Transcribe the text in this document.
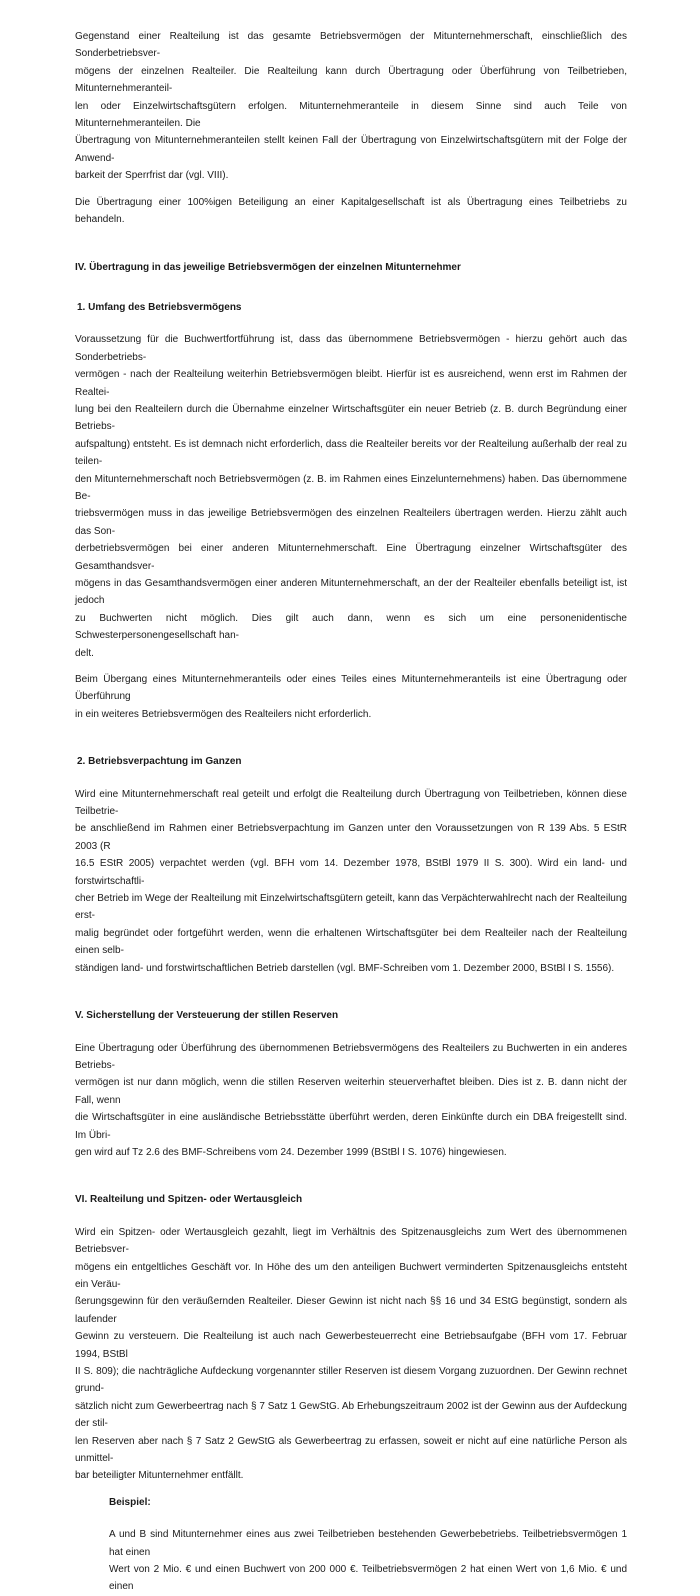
Gegenstand einer Realteilung ist das gesamte Betriebsvermögen der Mitunternehmerschaft, einschließlich des Sonderbetriebsver-
mögens der einzelnen Realteiler. Die Realteilung kann durch Übertragung oder Überführung von Teilbetrieben, Mitunternehmeranteil-
len oder Einzelwirtschaftsgütern erfolgen. Mitunternehmeranteile in diesem Sinne sind auch Teile von Mitunternehmeranteilen. Die
Übertragung von Mitunternehmeranteilen stellt keinen Fall der Übertragung von Einzelwirtschaftsgütern mit der Folge der Anwend-
barkeit der Sperrfrist dar (vgl. VIII).

Die Übertragung einer 100%igen Beteiligung an einer Kapitalgesellschaft ist als Übertragung eines Teilbetriebs zu behandeln.

IV. Übertragung in das jeweilige Betriebsvermögen der einzelnen Mitunternehmer
1. Umfang des Betriebsvermögens

Voraussetzung für die Buchwertfortführung ist, dass das übernommene Betriebsvermögen - hierzu gehört auch das Sonderbetriebs-
vermögen - nach der Realteilung weiterhin Betriebsvermögen bleibt. Hierfür ist es ausreichend, wenn erst im Rahmen der Realtei-
lung bei den Realteilern durch die Übernahme einzelner Wirtschaftsgüter ein neuer Betrieb (z. B. durch Begründung einer Betriebs-
aufspaltung) entsteht. Es ist demnach nicht erforderlich, dass die Realteiler bereits vor der Realteilung außerhalb der real zu teilen-
den Mitunternehmerschaft noch Betriebsvermögen (z. B. im Rahmen eines Einzelunternehmens) haben. Das übernommene Be-
triebsvermögen muss in das jeweilige Betriebsvermögen des einzelnen Realteilers übertragen werden. Hierzu zählt auch das Son-
derbetriebsvermögen bei einer anderen Mitunternehmerschaft. Eine Übertragung einzelner Wirtschaftsgüter des Gesamthandsver-
mögens in das Gesamthandsvermögen einer anderen Mitunternehmerschaft, an der der Realteiler ebenfalls beteiligt ist, ist jedoch
zu Buchwerten nicht möglich. Dies gilt auch dann, wenn es sich um eine personenidentische Schwesterpersonengesellschaft han-
delt.

Beim Übergang eines Mitunternehmeranteils oder eines Teiles eines Mitunternehmeranteils ist eine Übertragung oder Überführung
in ein weiteres Betriebsvermögen des Realteilers nicht erforderlich.

2. Betriebsverpachtung im Ganzen

Wird eine Mitunternehmerschaft real geteilt und erfolgt die Realteilung durch Übertragung von Teilbetrieben, können diese Teilbetrie-
be anschließend im Rahmen einer Betriebsverpachtung im Ganzen unter den Voraussetzungen von R 139 Abs. 5 EStR 2003 (R
16.5 EStR 2005) verpachtet werden (vgl. BFH vom 14. Dezember 1978, BStBl 1979 II S. 300). Wird ein land- und forstwirtschaftli-
cher Betrieb im Wege der Realteilung mit Einzelwirtschaftsgütern geteilt, kann das Verpächterwahlrecht nach der Realteilung erst-
malig begründet oder fortgeführt werden, wenn die erhaltenen Wirtschaftsgüter bei dem Realteiler nach der Realteilung einen selb-
ständigen land- und forstwirtschaftlichen Betrieb darstellen (vgl. BMF-Schreiben vom 1. Dezember 2000, BStBl I S. 1556).

V. Sicherstellung der Versteuerung der stillen Reserven

Eine Übertragung oder Überführung des übernommenen Betriebsvermögens des Realteilers zu Buchwerten in ein anderes Betriebs-
vermögen ist nur dann möglich, wenn die stillen Reserven weiterhin steuerverhaftet bleiben. Dies ist z. B. dann nicht der Fall, wenn
die Wirtschaftsgüter in eine ausländische Betriebsstätte überführt werden, deren Einkünfte durch ein DBA freigestellt sind. Im Übri-
gen wird auf Tz 2.6 des BMF-Schreibens vom 24. Dezember 1999 (BStBl I S. 1076) hingewiesen.

VI. Realteilung und Spitzen- oder Wertausgleich

Wird ein Spitzen- oder Wertausgleich gezahlt, liegt im Verhältnis des Spitzenausgleichs zum Wert des übernommenen Betriebsver-
mögens ein entgeltliches Geschäft vor. In Höhe des um den anteiligen Buchwert verminderten Spitzenausgleichs entsteht ein Veräu-
ßerungsgewinn für den veräußernden Realteiler. Dieser Gewinn ist nicht nach §§ 16 und 34 EStG begünstigt, sondern als laufender
Gewinn zu versteuern. Die Realteilung ist auch nach Gewerbesteuerrecht eine Betriebsaufgabe (BFH vom 17. Februar 1994, BStBl
II S. 809); die nachträgliche Aufdeckung vorgenannter stiller Reserven ist diesem Vorgang zuzuordnen. Der Gewinn rechnet grund-
sätzlich nicht zum Gewerbeertrag nach § 7 Satz 1 GewStG. Ab Erhebungszeitraum 2002 ist der Gewinn aus der Aufdeckung der stil-
len Reserven aber nach § 7 Satz 2 GewStG als Gewerbeertrag zu erfassen, soweit er nicht auf eine natürliche Person als unmittel-
bar beteiligter Mitunternehmer entfällt.

Beispiel:

A und B sind Mitunternehmer eines aus zwei Teilbetrieben bestehenden Gewerbebetriebs. Teilbetriebsvermögen 1 hat einen
Wert von 2 Mio. € und einen Buchwert von 200 000 €. Teilbetriebsvermögen 2 hat einen Wert von 1,6 Mio. € und einen
